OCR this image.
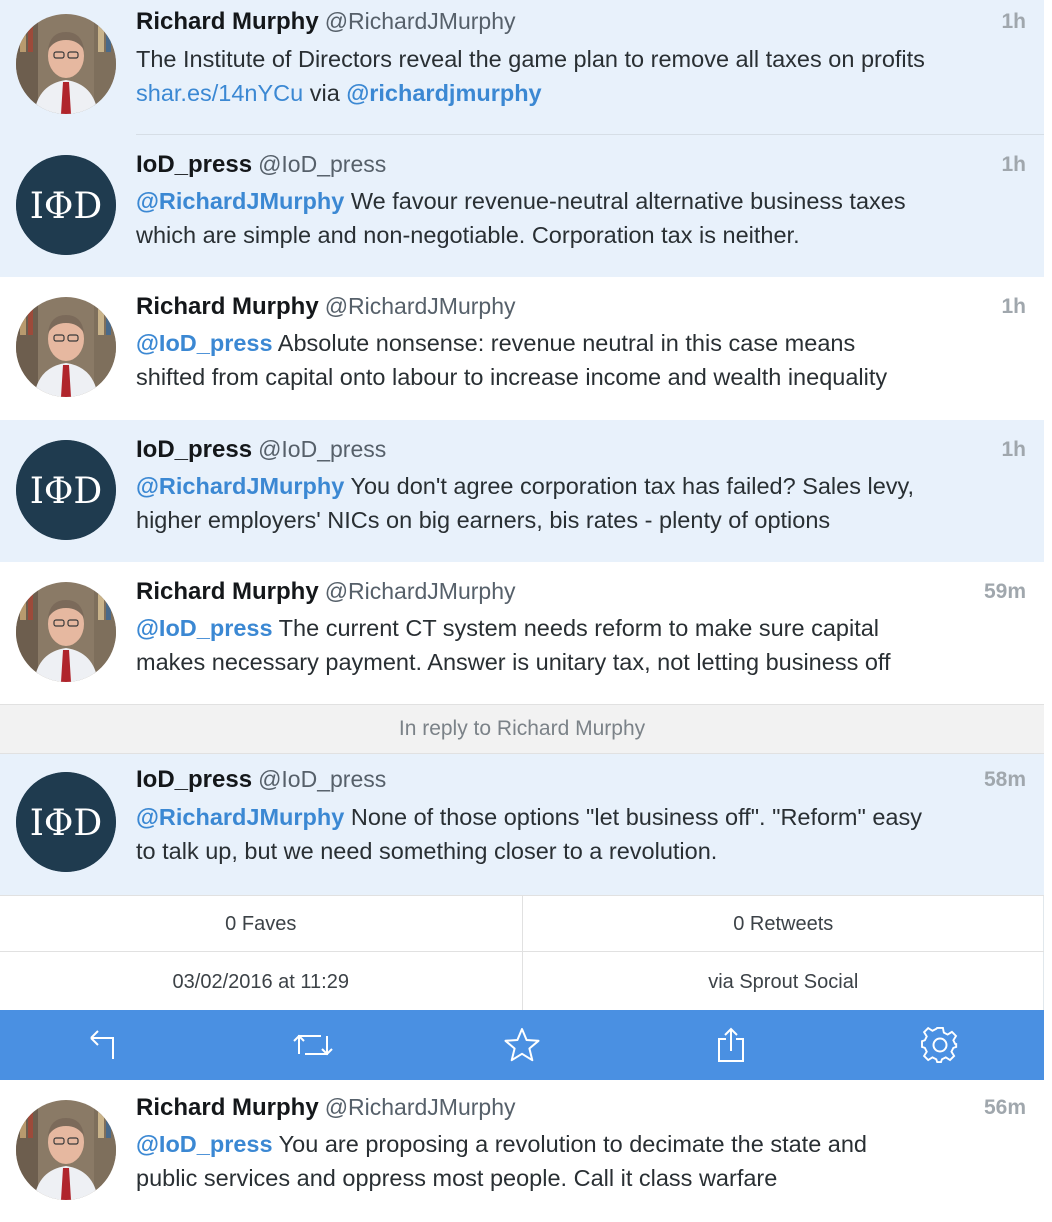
Richard Murphy @RichardJMurphy	1h
The Institute of Directors reveal the game plan to remove all taxes on profits
shar.es/14nYCu via @richardjmurphy
IΦD
IoD_press @IoD_press	1h
@RichardJMurphy We favour revenue-neutral alternative business taxes
which are simple and non-negotiable. Corporation tax is neither.
Richard Murphy @RichardJMurphy	1h
@IoD_press Absolute nonsense: revenue neutral in this case means
shifted from capital onto labour to increase income and wealth inequality
IΦD
IoD_press @IoD_press	1h
@RichardJMurphy You don't agree corporation tax has failed? Sales levy,
higher employers' NICs on big earners, bis rates - plenty of options
Richard Murphy @RichardJMurphy	59m
@IoD_press The current CT system needs reform to make sure capital
makes necessary payment. Answer is unitary tax, not letting business off
In reply to Richard Murphy
IΦD
IoD_press @IoD_press	58m
@RichardJMurphy None of those options "let business off". "Reform" easy
to talk up, but we need something closer to a revolution.
0 Faves	0 Retweets
03/02/2016 at 11:29	via Sprout Social
Richard Murphy @RichardJMurphy	56m
@IoD_press You are proposing a revolution to decimate the state and
public services and oppress most people. Call it class warfare
